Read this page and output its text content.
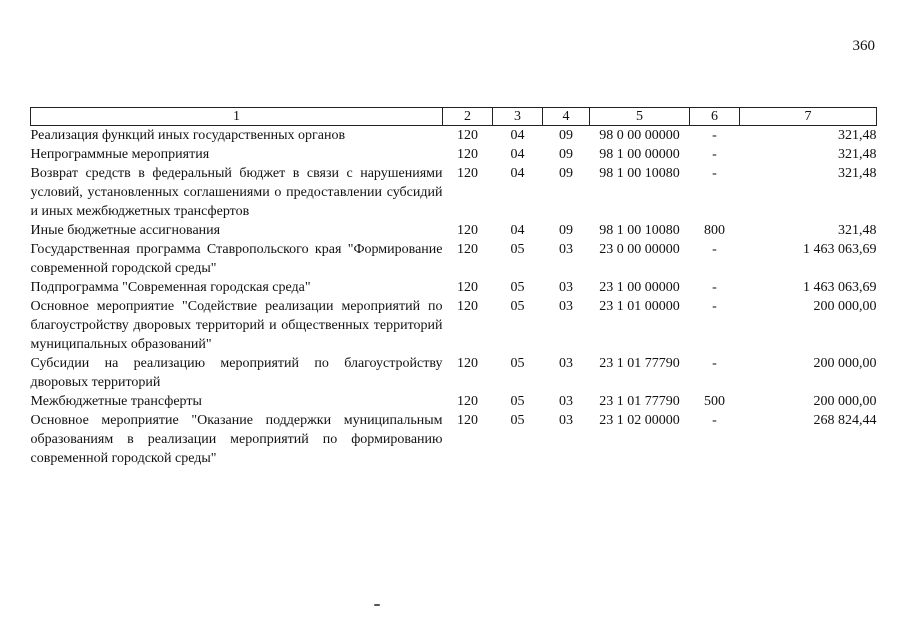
360
1	2	3	4	5	6	7
Реализация функций иных государственных органов	120	04	09	98 0 00 00000	-	321,48
Непрограммные мероприятия	120	04	09	98 1 00 00000	-	321,48
Возврат средств в федеральный бюджет в связи с нарушениями условий, установленных соглашениями о предоставлении субсидий и иных межбюджетных трансфертов	120	04	09	98 1 00 10080	-	321,48
Иные бюджетные ассигнования	120	04	09	98 1 00 10080	800	321,48
Государственная программа Ставропольского края "Формирование современной городской среды"	120	05	03	23 0 00 00000	-	1 463 063,69
Подпрограмма "Современная городская среда"	120	05	03	23 1 00 00000	-	1 463 063,69
Основное мероприятие "Содействие реализации мероприятий по благоустройству дворовых территорий и общественных территорий муниципальных образований"	120	05	03	23 1 01 00000	-	200 000,00
Субсидии на реализацию мероприятий по благоустройству дворовых территорий	120	05	03	23 1 01 77790	-	200 000,00
Межбюджетные трансферты	120	05	03	23 1 01 77790	500	200 000,00
Основное мероприятие "Оказание поддержки муниципальным образованиям в реализации мероприятий по формированию современной городской среды"	120	05	03	23 1 02 00000	-	268 824,44
